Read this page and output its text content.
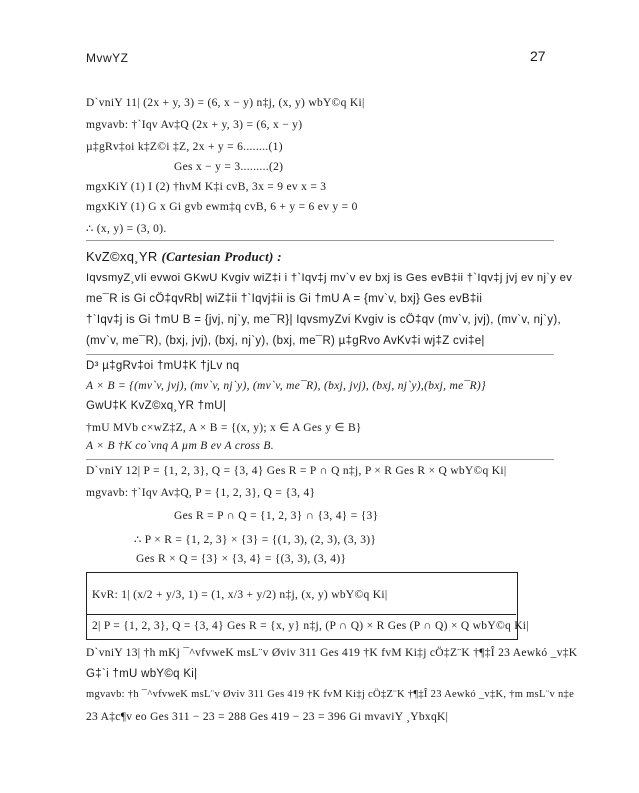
MvwYZ	27
D`vniY 11| (2x + y, 3) = (6, x − y) n‡j, (x, y) wbY©q Ki|
mgvavb: †`Iqv Av‡Q (2x + y, 3) = (6, x − y)
µ‡gRv‡oi k‡Z©i ‡Z, 2x + y = 6........(1)
Ges x − y = 3.........(2)
mgxKiY (1) I (2) †hvM K‡i cvB, 3x = 9 ev x = 3
mgxKiY (1) G x Gi gvb ewm‡q cvB, 6 + y = 6 ev y = 0
∴ (x, y) = (3, 0).
KvZ©xq¸YR (Cartesian Product) :
IqvsmyZ¸vIi evwoi GKwU Kvgiv wiZ‡i i †`Iqv‡j mv`v ev bxj is Ges evB‡ii †`Iqv‡j jvj ev nj`y ev
me¯R is Gi cÖ‡qvRb| wiZ‡ii †`Iqvj‡ii is Gi †mU A = {mv`v, bxj} Ges evB‡ii
†`Iqv‡j is Gi †mU B = {jvj, nj`y, me¯R}| IqvsmyZvi Kvgiv is cÖ‡qv (mv`v, jvj), (mv`v, nj`y),
(mv`v, me¯R), (bxj, jvj), (bxj, nj`y), (bxj, me¯R) µ‡gRvo AvKv‡i wj‡Z cvi‡e|
D³ µ‡gRv‡oi †mU‡K †jLv nq
A × B = {(mv`v, jvj), (mv`v, nj`y), (mv`v, me¯R), (bxj, jvj), (bxj, nj`y),(bxj, me¯R)}
GwU‡K KvZ©xq¸YR †mU|
†mU MVb c×wZ‡Z, A × B = {(x, y); x ∈ A Ges y ∈ B}
A × B †K co`vnq A µm B ev A cross B.
D`vniY 12| P = {1, 2, 3}, Q = {3, 4} Ges R = P ∩ Q n‡j, P × R Ges R × Q wbY©q Ki|
mgvavb: †`Iqv Av‡Q, P = {1, 2, 3}, Q = {3, 4}
Ges R = P ∩ Q = {1, 2, 3} ∩ {3, 4} = {3}
∴ P × R = {1, 2, 3} × {3} = {(1, 3), (2, 3), (3, 3)}
Ges R × Q = {3} × {3, 4} = {(3, 3), (3, 4)}
KvR: 1| (x/2 + y/3, 1) = (1, x/3 + y/2) n‡j, (x, y) wbY©q Ki|
2| P = {1, 2, 3}, Q = {3, 4} Ges R = {x, y} n‡j, (P ∩ Q) × R Ges (P ∩ Q) × Q wbY©q Ki|
D`vniY 13| †h mKj ¯^vfvweK msL¨v Øviv 311 Ges 419 †K fvM Ki‡j cÖ‡Z¨K †¶‡Î 23 Aewkó _v‡K
G‡`i †mU wbY©q Ki|
mgvavb: †h ¯^vfvweK msL¨v Øviv 311 Ges 419 †K fvM Ki‡j cÖ‡Z¨K †¶‡Î 23 Aewkó _v‡K, †m msL¨v n‡e
23 A‡c¶v eo Ges 311 − 23 = 288 Ges 419 − 23 = 396 Gi mvaviY ¸YbxqK|
